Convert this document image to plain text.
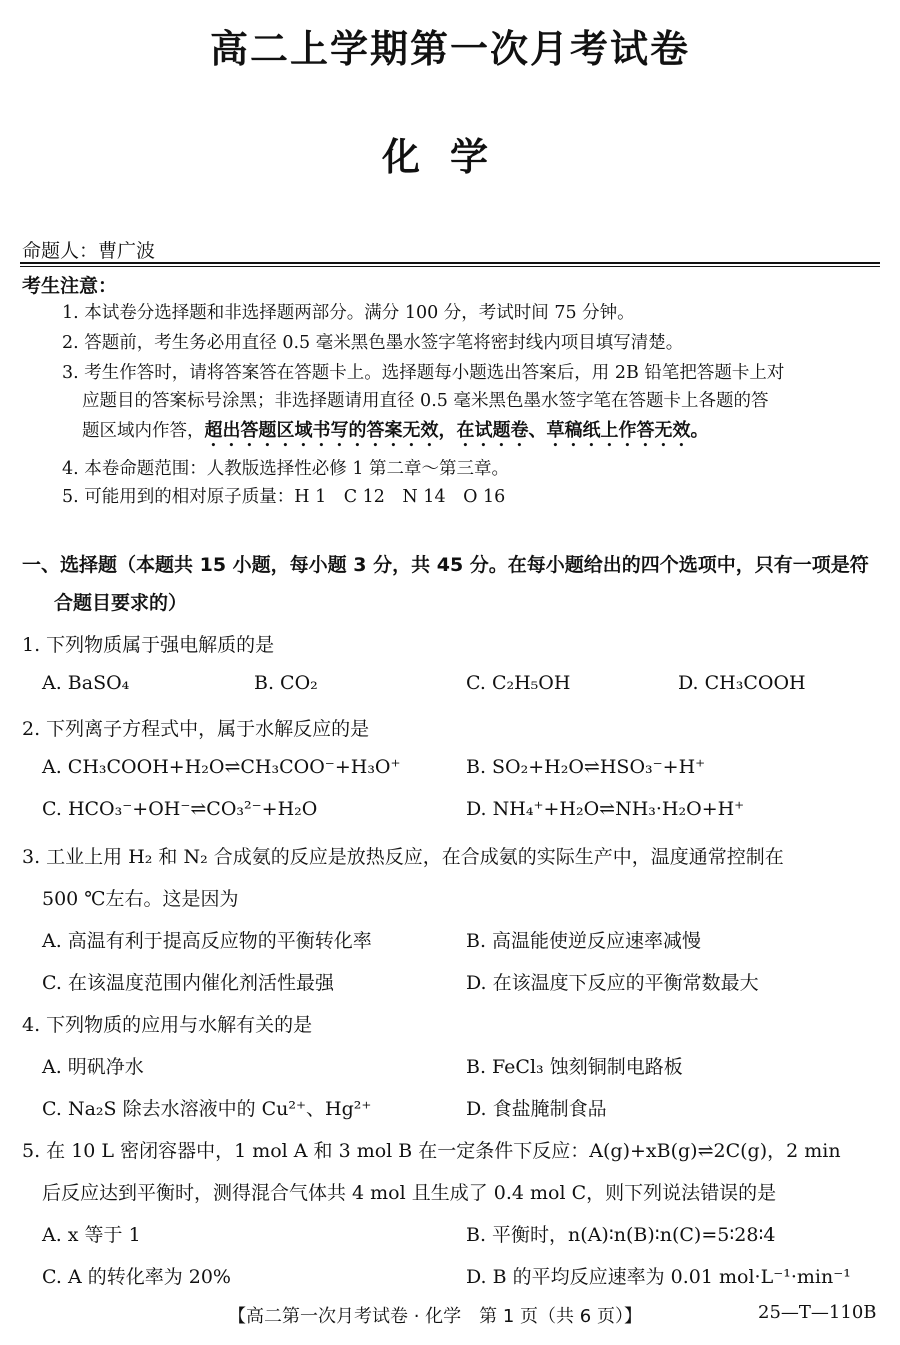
高二上学期第一次月考试卷
化学
命题人：曹广波
考生注意：
1. 本试卷分选择题和非选择题两部分。满分 100 分，考试时间 75 分钟。
2. 答题前，考生务必用直径 0.5 毫米黑色墨水签字笔将密封线内项目填写清楚。
3. 考生作答时，请将答案答在答题卡上。选择题每小题选出答案后，用 2B 铅笔把答题卡上对
应题目的答案标号涂黑；非选择题请用直径 0.5 毫米黑色墨水签字笔在答题卡上各题的答
题区域内作答，超出答题区域书写的答案无效，在试题卷、草稿纸上作答无效。
4. 本卷命题范围：人教版选择性必修 1 第二章～第三章。
5. 可能用到的相对原子质量：H 1　C 12　N 14　O 16
一、选择题（本题共 15 小题，每小题 3 分，共 45 分。在每小题给出的四个选项中，只有一项是符
合题目要求的）
1. 下列物质属于强电解质的是
A. BaSO₄	B. CO₂	C. C₂H₅OH	D. CH₃COOH
2. 下列离子方程式中，属于水解反应的是
A. CH₃COOH+H₂O⇌CH₃COO⁻+H₃O⁺	B. SO₂+H₂O⇌HSO₃⁻+H⁺
C. HCO₃⁻+OH⁻⇌CO₃²⁻+H₂O	D. NH₄⁺+H₂O⇌NH₃·H₂O+H⁺
3. 工业上用 H₂ 和 N₂ 合成氨的反应是放热反应，在合成氨的实际生产中，温度通常控制在
500 ℃左右。这是因为
A. 高温有利于提高反应物的平衡转化率	B. 高温能使逆反应速率减慢
C. 在该温度范围内催化剂活性最强	D. 在该温度下反应的平衡常数最大
4. 下列物质的应用与水解有关的是
A. 明矾净水	B. FeCl₃ 蚀刻铜制电路板
C. Na₂S 除去水溶液中的 Cu²⁺、Hg²⁺	D. 食盐腌制食品
5. 在 10 L 密闭容器中，1 mol A 和 3 mol B 在一定条件下反应：A(g)+xB(g)⇌2C(g)，2 min
后反应达到平衡时，测得混合气体共 4 mol 且生成了 0.4 mol C，则下列说法错误的是
A. x 等于 1	B. 平衡时，n(A)∶n(B)∶n(C)=5∶28∶4
C. A 的转化率为 20%	D. B 的平均反应速率为 0.01 mol·L⁻¹·min⁻¹
【高二第一次月考试卷 · 化学　第 1 页（共 6 页）】	25—T—110B
